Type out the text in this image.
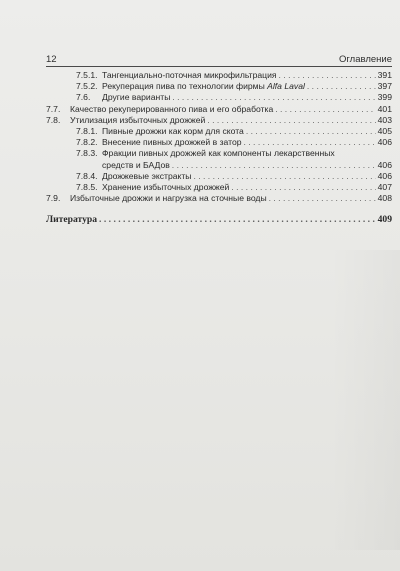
12	Оглавление
7.5.1. Тангенциально-поточная микрофильтрация . . .	391
7.5.2. Рекуперация пива по технологии фирмы Alfa Laval . . .	397
7.6. Другие варианты . . .	399
7.7. Качество рекуперированного пива и его обработка . . .	401
7.8. Утилизация избыточных дрожжей . . .	403
7.8.1. Пивные дрожжи как корм для скота . . .	405
7.8.2. Внесение пивных дрожжей в затор . . .	406
7.8.3. Фракции пивных дрожжей как компоненты лекарственных
средств и БАДов . . .	406
7.8.4. Дрожжевые экстракты . . .	406
7.8.5. Хранение избыточных дрожжей . . .	407
7.9. Избыточные дрожжи и нагрузка на сточные воды . . .	408
Литература . . .	409
